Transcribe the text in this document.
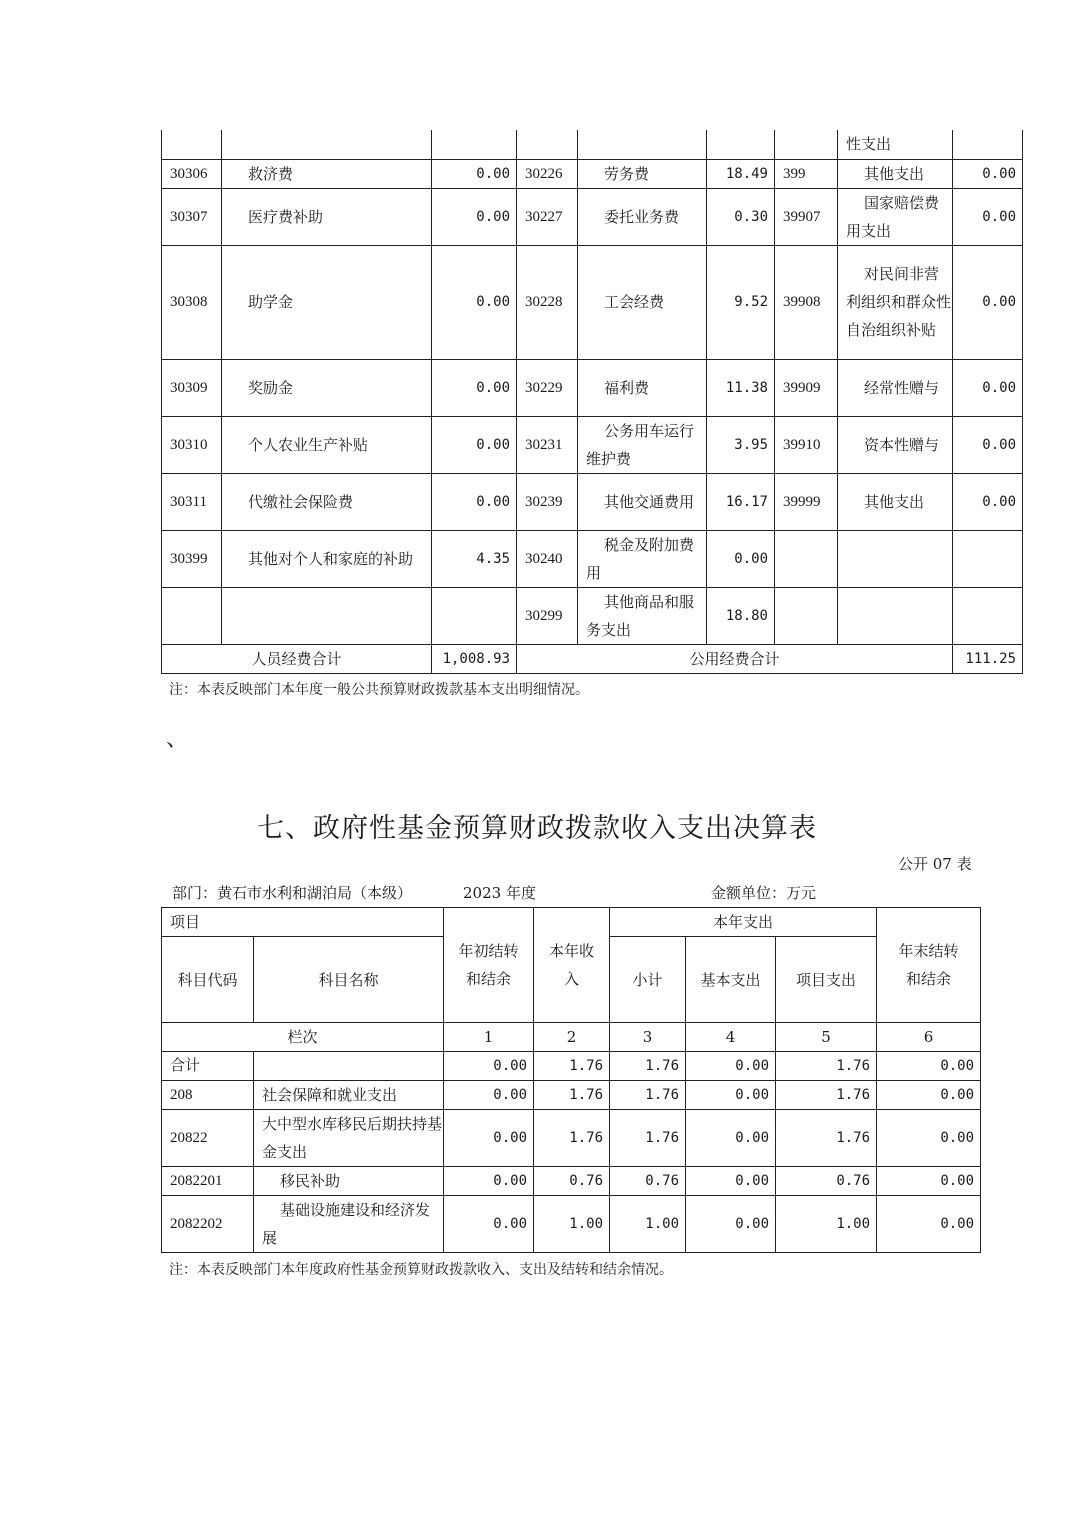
							性支出	
30306	救济费	0.00	30226	劳务费	18.49	399	其他支出	0.00
30307	医疗费补助	0.00	30227	委托业务费	0.30	39907	国家赔偿费用支出	0.00
30308	助学金	0.00	30228	工会经费	9.52	39908	对民间非营利组织和群众性自治组织补贴	0.00
30309	奖励金	0.00	30229	福利费	11.38	39909	经常性赠与	0.00
30310	个人农业生产补贴	0.00	30231	公务用车运行维护费	3.95	39910	资本性赠与	0.00
30311	代缴社会保险费	0.00	30239	其他交通费用	16.17	39999	其他支出	0.00
30399	其他对个人和家庭的补助	4.35	30240	税金及附加费用	0.00			
			30299	其他商品和服务支出	18.80			
人员经费合计		1,008.93	公用经费合计					111.25
注：本表反映部门本年度一般公共预算财政拨款基本支出明细情况。
、
七、政府性基金预算财政拨款收入支出决算表
公开 07 表
部门：黄石市水利和湖泊局（本级）	2023 年度	金额单位：万元
项目		年初结转和结余	本年收入	本年支出			年末结转和结余

科目代码	科目名称			小计	基本支出	项目支出	
栏次		1	2	3	4	5	6
合计		0.00	1.76	1.76	0.00	1.76	0.00
208	社会保障和就业支出	0.00	1.76	1.76	0.00	1.76	0.00
20822	大中型水库移民后期扶持基金支出	0.00	1.76	1.76	0.00	1.76	0.00
2082201	移民补助	0.00	0.76	0.76	0.00	0.76	0.00
2082202	基础设施建设和经济发展	0.00	1.00	1.00	0.00	1.00	0.00
注：本表反映部门本年度政府性基金预算财政拨款收入、支出及结转和结余情况。
